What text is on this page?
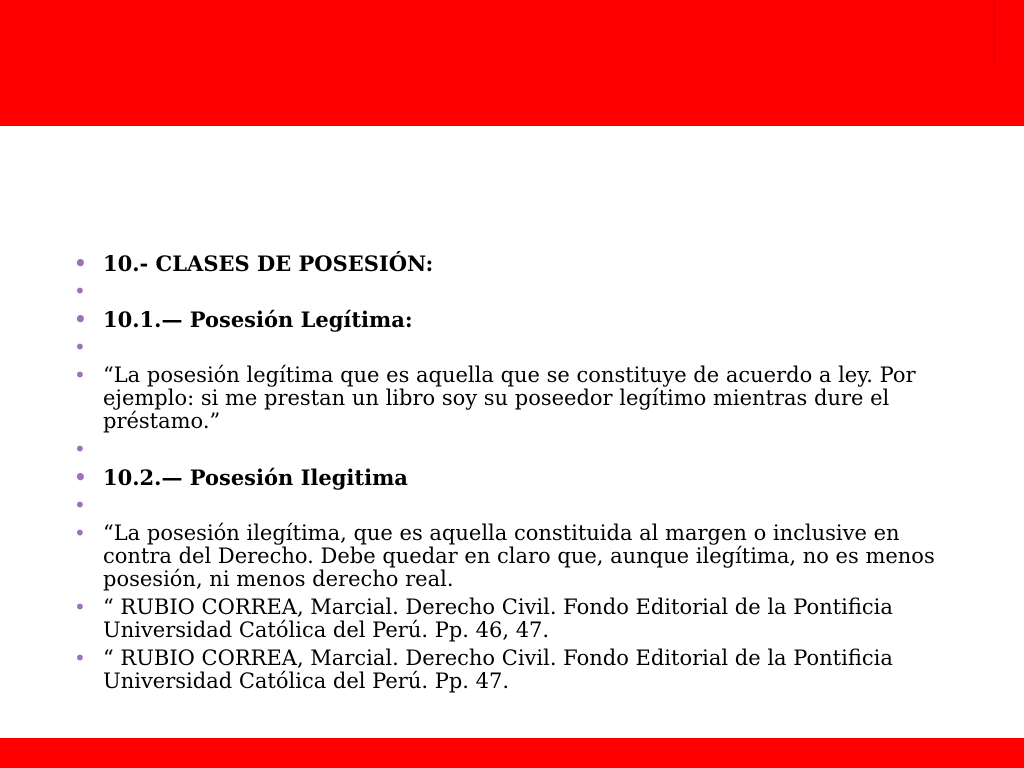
• 10.- CLASES DE POSESIÓN:
•
• 10.1.— Posesión Legítima:
•
• “La posesión legítima que es aquella que se constituye de acuerdo a ley. Por ejemplo: si me prestan un libro soy su poseedor legítimo mientras dure el préstamo.”
•
• 10.2.— Posesión Ilegitima
•
• “La posesión ilegítima, que es aquella constituida al margen o inclusive en contra del Derecho. Debe quedar en claro que, aunque ilegítima, no es menos posesión, ni menos derecho real.
• “ RUBIO CORREA, Marcial. Derecho Civil. Fondo Editorial de la Pontificia Universidad Católica del Perú. Pp. 46, 47.
• “ RUBIO CORREA, Marcial. Derecho Civil. Fondo Editorial de la Pontificia Universidad Católica del Perú. Pp. 47.
